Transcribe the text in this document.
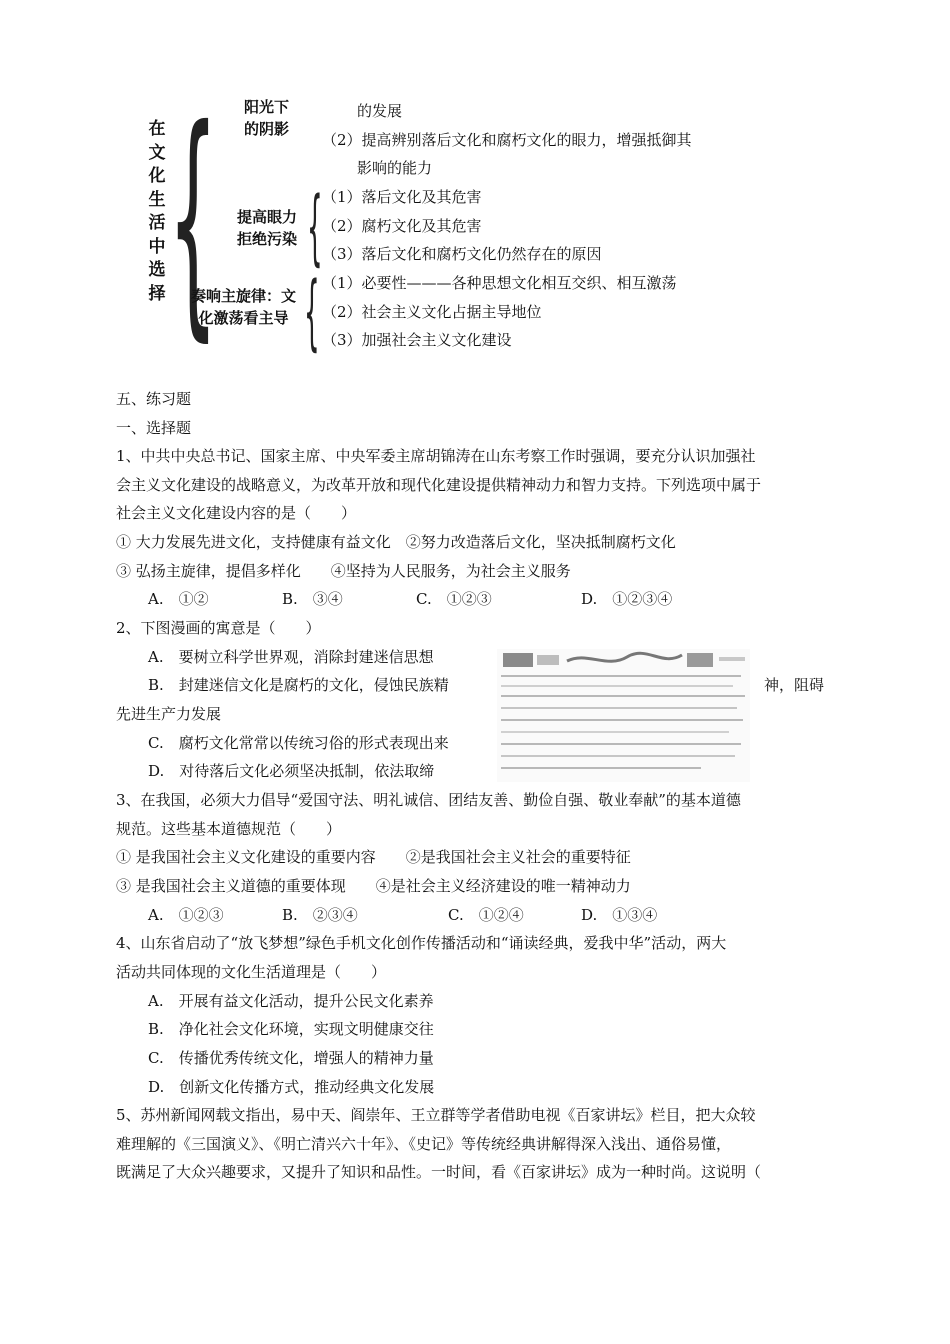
在文化生活中选择 { {
{
阳光下
的阴影
的发展
（2）提高辨别落后文化和腐朽文化的眼力，增强抵御其
影响的能力
提高眼力
拒绝污染
（1）落后文化及其危害
（2）腐朽文化及其危害
（3）落后文化和腐朽文化仍然存在的原因
奏响主旋律：文
化激荡看主导
（1）必要性———各种思想文化相互交织、相互激荡
（2）社会主义文化占据主导地位
（3）加强社会主义文化建设
五、练习题
一、选择题
1、中共中央总书记、国家主席、中央军委主席胡锦涛在山东考察工作时强调，要充分认识加强社
会主义文化建设的战略意义，为改革开放和现代化建设提供精神动力和智力支持。下列选项中属于
社会主义文化建设内容的是（　　）
① 大力发展先进文化，支持健康有益文化　②努力改造落后文化，坚决抵制腐朽文化
③ 弘扬主旋律，提倡多样化　　④坚持为人民服务，为社会主义服务
A.　①②	B.　③④	C.　①②③	D.　①②③④
2、下图漫画的寓意是（　　）
A.　要树立科学世界观，消除封建迷信思想
B.　封建迷信文化是腐朽的文化，侵蚀民族精	神，阻碍
先进生产力发展
C.　腐朽文化常常以传统习俗的形式表现出来
D.　对待落后文化必须坚决抵制，依法取缔
3、在我国，必须大力倡导“爱国守法、明礼诚信、团结友善、勤俭自强、敬业奉献”的基本道德
规范。这些基本道德规范（　　）
① 是我国社会主义文化建设的重要内容　　②是我国社会主义社会的重要特征
③ 是我国社会主义道德的重要体现　　④是社会主义经济建设的唯一精神动力
A.　①②③	B.　②③④	C.　①②④	D.　①③④
4、山东省启动了“放飞梦想”绿色手机文化创作传播活动和“诵读经典，爱我中华”活动，两大
活动共同体现的文化生活道理是（　　）
A.　开展有益文化活动，提升公民文化素养
B.　净化社会文化环境，实现文明健康交往
C.　传播优秀传统文化，增强人的精神力量
D.　创新文化传播方式，推动经典文化发展
5、苏州新闻网载文指出，易中天、阎崇年、王立群等学者借助电视《百家讲坛》栏目，把大众较
难理解的《三国演义》、《明亡清兴六十年》、《史记》等传统经典讲解得深入浅出、通俗易懂，
既满足了大众兴趣要求，又提升了知识和品性。一时间，看《百家讲坛》成为一种时尚。这说明（
